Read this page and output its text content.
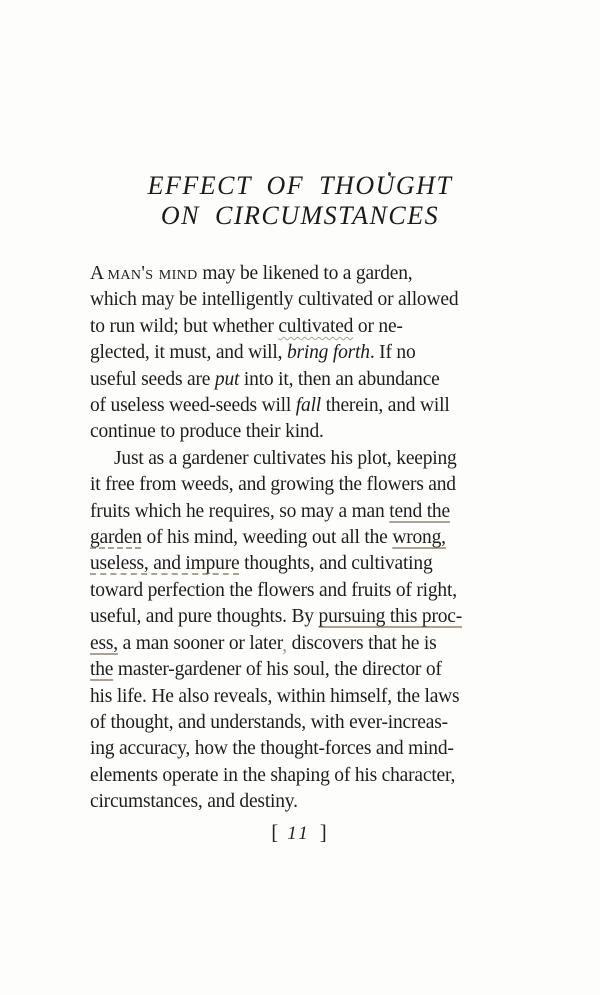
EFFECT OF THOUGHT
ON CIRCUMSTANCES
A man's mind may be likened to a garden,
which may be intelligently cultivated or allowed
to run wild; but whether cultivated or ne-
glected, it must, and will, bring forth. If no
useful seeds are put into it, then an abundance
of useless weed-seeds will fall therein, and will
continue to produce their kind.
Just as a gardener cultivates his plot, keeping
it free from weeds, and growing the flowers and
fruits which he requires, so may a man tend the
garden of his mind, weeding out all the wrong,
useless, and impure thoughts, and cultivating
toward perfection the flowers and fruits of right,
useful, and pure thoughts. By pursuing this proc-
ess, a man sooner or later, discovers that he is
the master-gardener of his soul, the director of
his life. He also reveals, within himself, the laws
of thought, and understands, with ever-increas-
ing accuracy, how the thought-forces and mind-
elements operate in the shaping of his character,
circumstances, and destiny.
[ 11 ]
